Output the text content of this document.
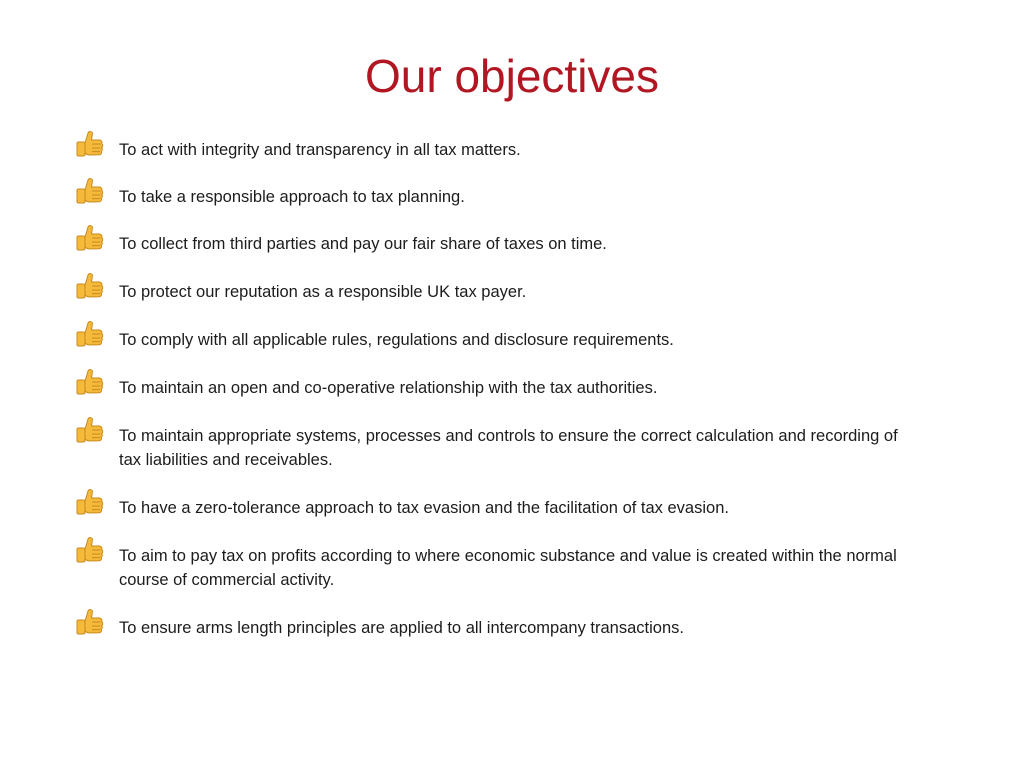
Our objectives
To act with integrity and transparency in all tax matters.
To take a responsible approach to tax planning.
To collect from third parties and pay our fair share of taxes on time.
To protect our reputation as a responsible UK tax payer.
To comply with all applicable rules, regulations and disclosure requirements.
To maintain an open and co-operative relationship with the tax authorities.
To maintain appropriate systems, processes and controls to ensure the correct calculation and recording of tax liabilities and receivables.
To have a zero-tolerance approach to tax evasion and the facilitation of tax evasion.
To aim to pay tax on profits according to where economic substance and value is created within the normal course of commercial activity.
To ensure arms length principles are applied to all intercompany transactions.
